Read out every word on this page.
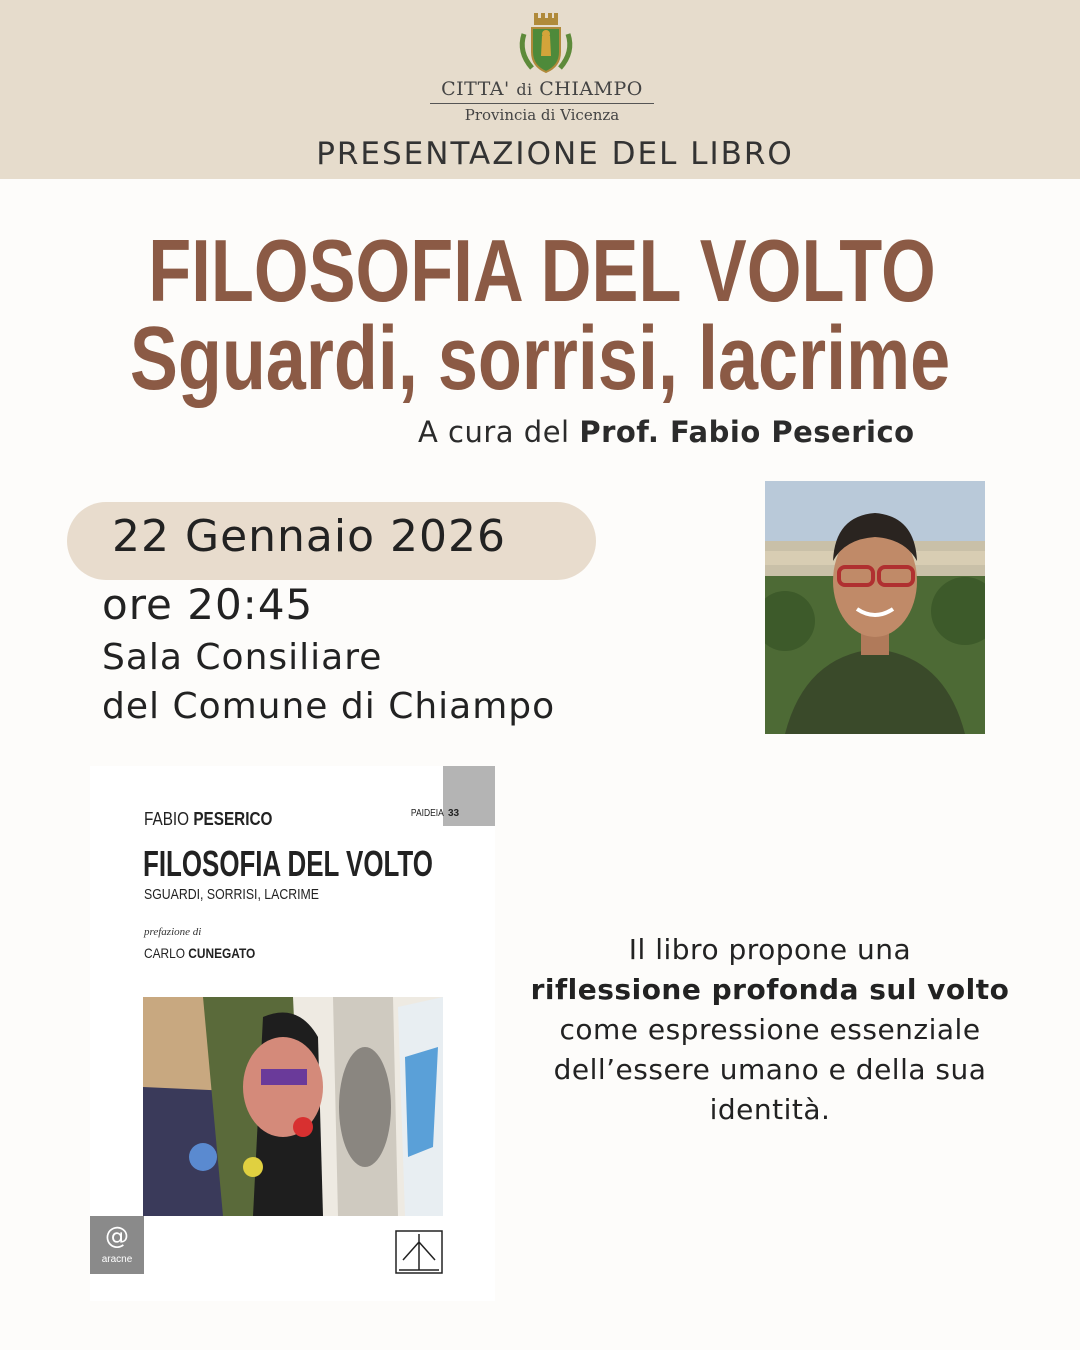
CITTA' di CHIAMPO
Provincia di Vicenza
PRESENTAZIONE DEL LIBRO
FILOSOFIA DEL VOLTO
Sguardi, sorrisi, lacrime
A cura del Prof. Fabio Peserico
22 Gennaio 2026
ore 20:45
Sala Consiliare
del Comune di Chiampo
PAIDEIA 33
FABIO PESERICO
FILOSOFIA DEL VOLTO
SGUARDI, SORRISI, LACRIME
prefazione di
CARLO CUNEGATO
@
aracne
Il libro propone una
riflessione profonda sul volto come espressione essenziale dell’essere umano e della sua identità.
